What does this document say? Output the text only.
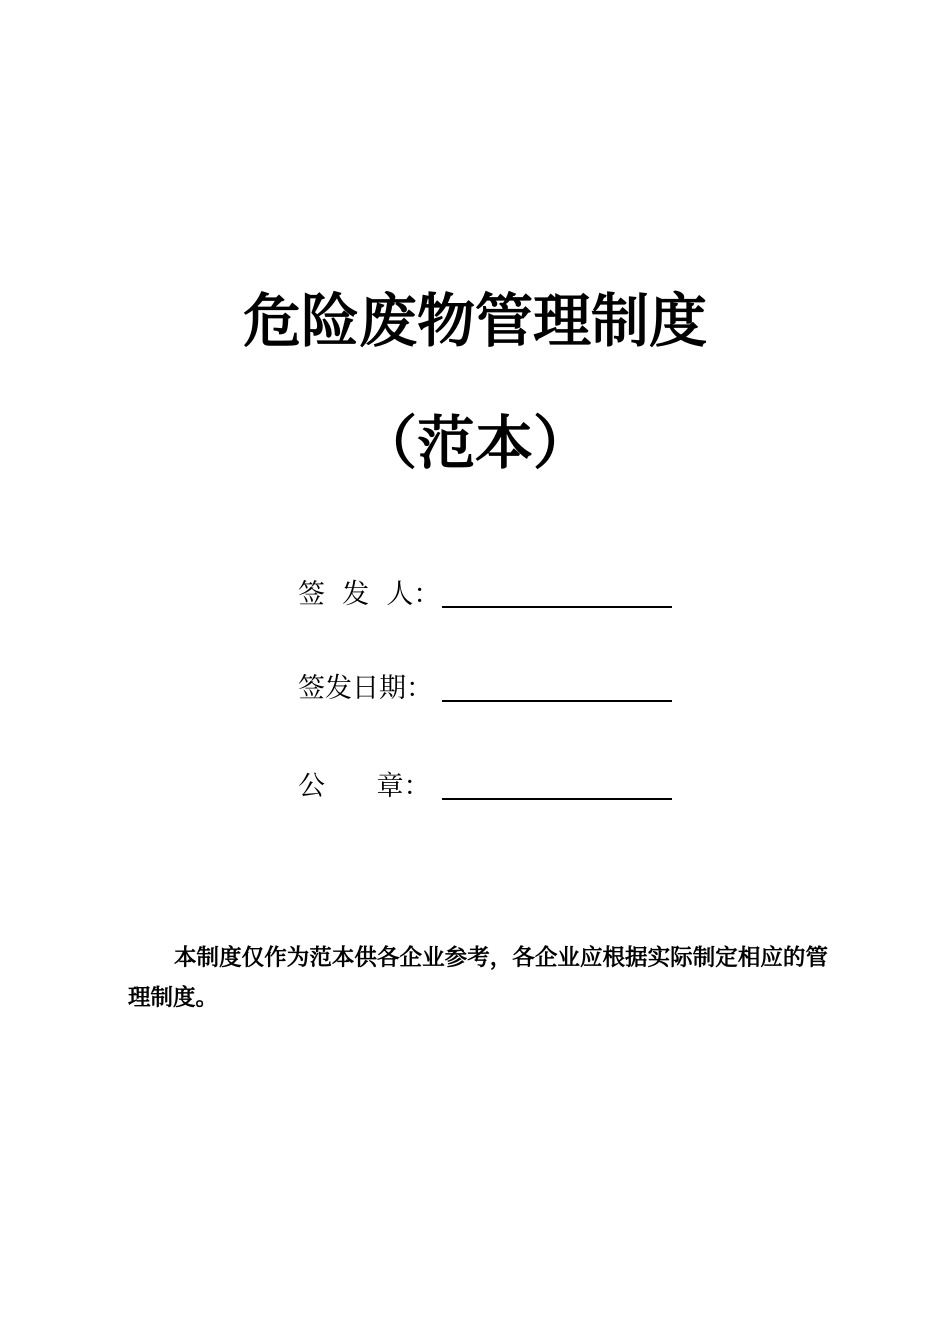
危险废物管理制度
（范本）
签  发  人：
签发日期：
公      章：
本制度仅作为范本供各企业参考，各企业应根据实际制定相应的管理制度。
